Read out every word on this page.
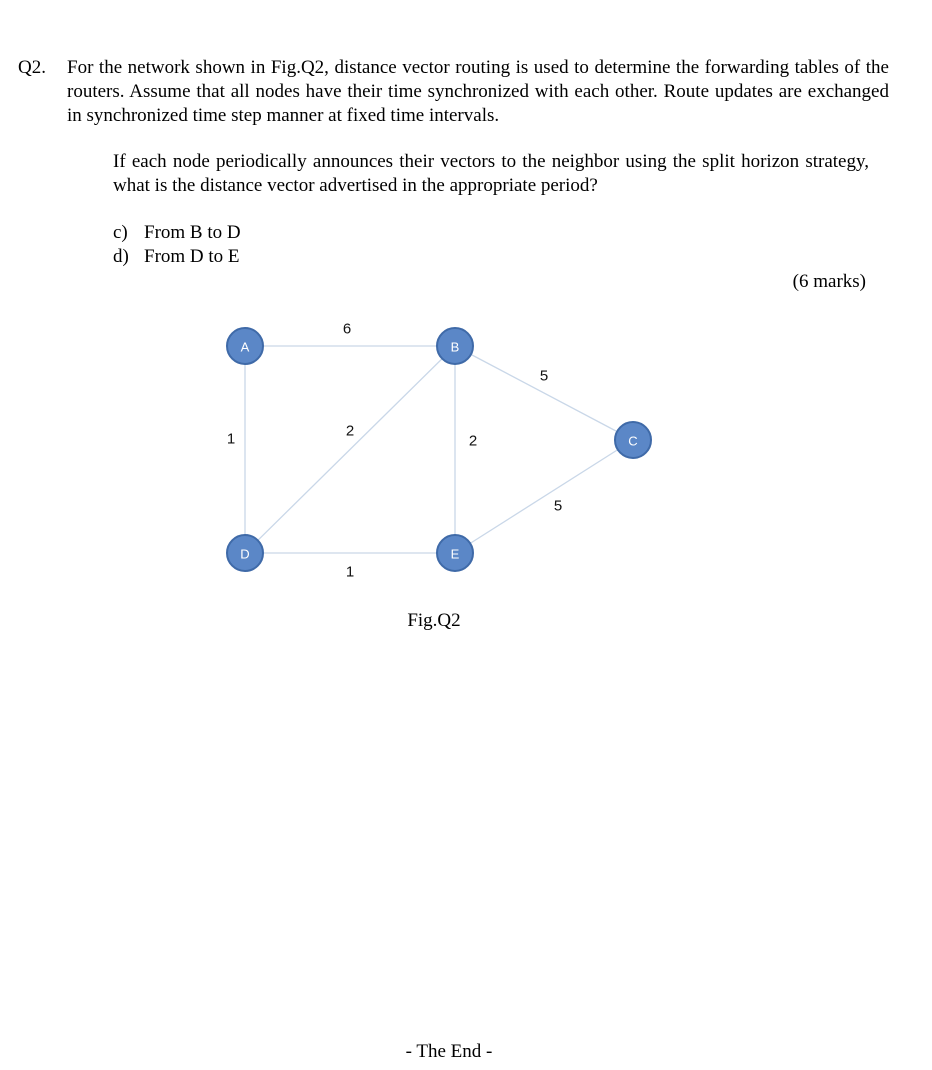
Q2. For the network shown in Fig.Q2, distance vector routing is used to determine the forwarding tables of the routers. Assume that all nodes have their time synchronized with each other. Route updates are exchanged in synchronized time step manner at fixed time intervals.
If each node periodically announces their vectors to the neighbor using the split horizon strategy, what is the distance vector advertised in the appropriate period?
c) From B to D
d) From D to E
(6 marks)
6
1	2
2
5
5
1
A	B
C
D	E
Fig.Q2
- The End -
